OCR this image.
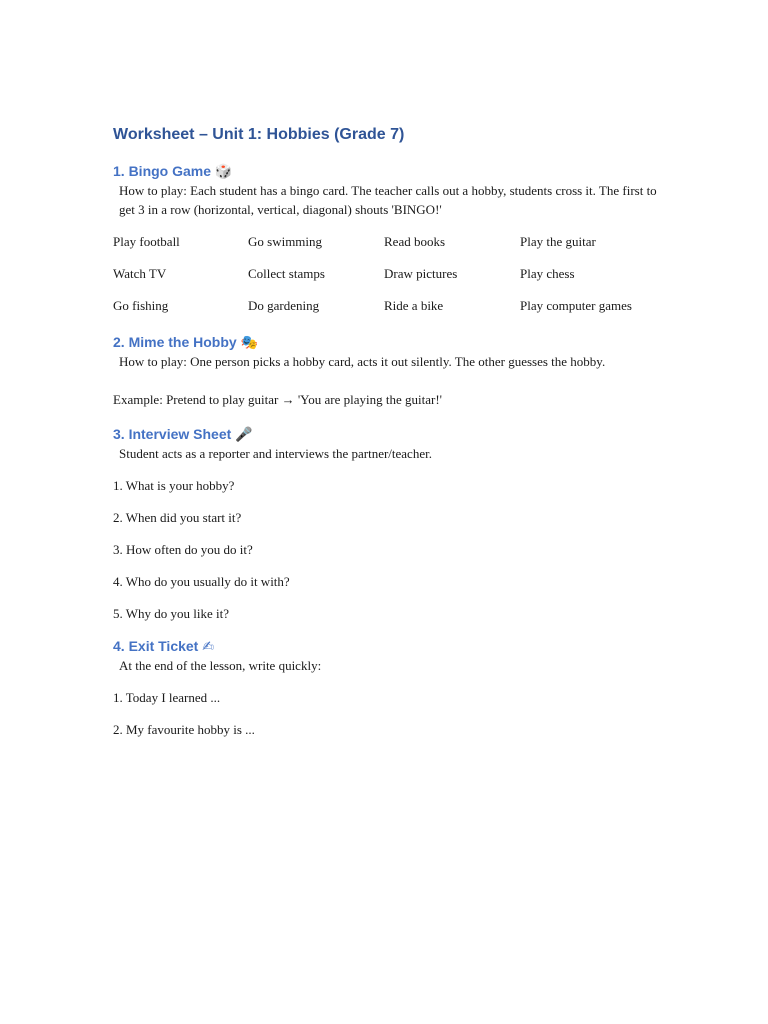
Worksheet – Unit 1: Hobbies (Grade 7)
1. Bingo Game 🎲

How to play: Each student has a bingo card. The teacher calls out a hobby, students cross it. The first to get 3 in a row (horizontal, vertical, diagonal) shouts 'BINGO!'

Play football	Go swimming	Read books	Play the guitar
Watch TV	Collect stamps	Draw pictures	Play chess
Go fishing	Do gardening	Ride a bike	Play computer games
2. Mime the Hobby 🎭

How to play: One person picks a hobby card, acts it out silently. The other guesses the hobby.

Example: Pretend to play guitar → 'You are playing the guitar!'

3. Interview Sheet 🎤

Student acts as a reporter and interviews the partner/teacher.

1. What is your hobby?

2. When did you start it?

3. How often do you do it?

4. Who do you usually do it with?

5. Why do you like it?

4. Exit Ticket ✍

At the end of the lesson, write quickly:

1. Today I learned ...

2. My favourite hobby is ...
